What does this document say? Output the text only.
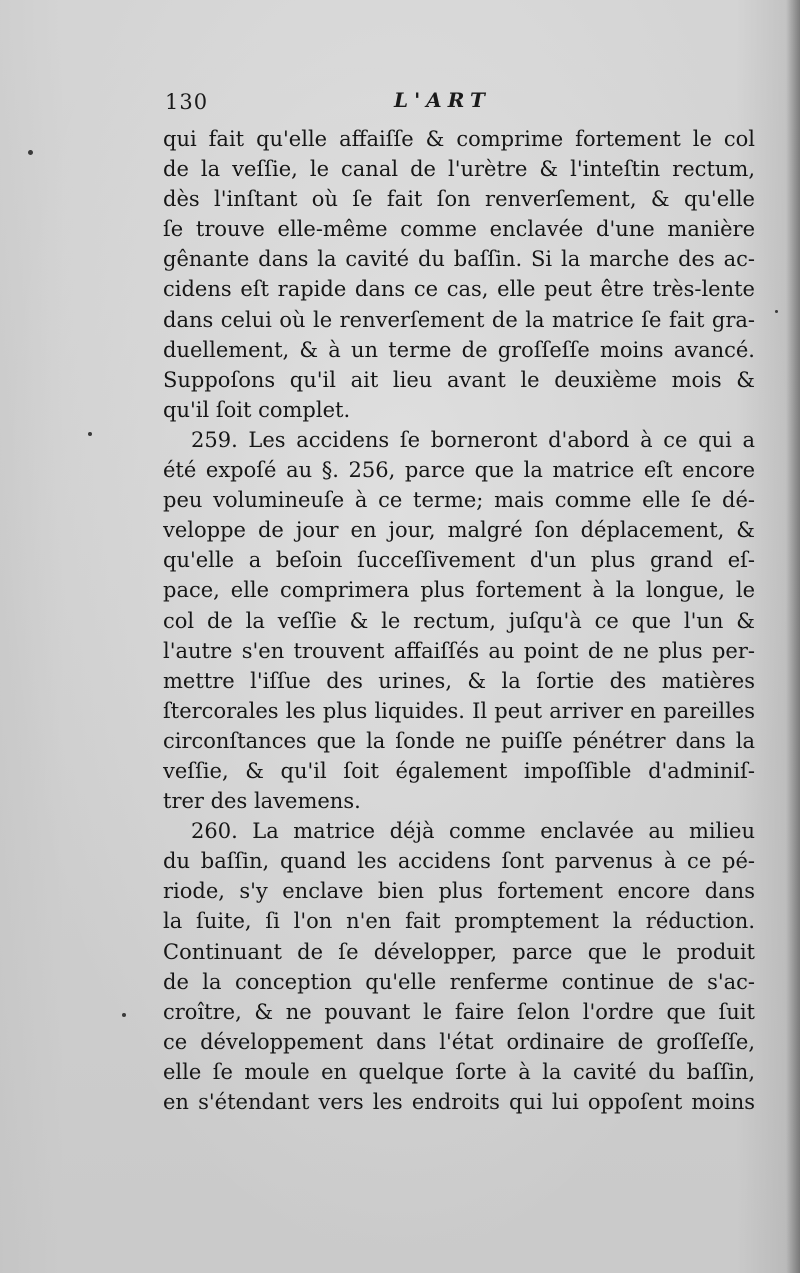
130	L'ART
qui fait qu'elle affaiſſe & comprime fortement le col
de la veſſie, le canal de l'urètre & l'inteſtin rectum,
dès l'inſtant où ſe fait ſon renverſement, & qu'elle
ſe trouve elle-même comme enclavée d'une manière
gênante dans la cavité du baſſin. Si la marche des ac-
cidens eſt rapide dans ce cas, elle peut être très-lente
dans celui où le renverſement de la matrice ſe fait gra-
duellement, & à un terme de groſſeſſe moins avancé.
Suppoſons qu'il ait lieu avant le deuxième mois &
qu'il ſoit complet.
259. Les accidens ſe borneront d'abord à ce qui a
été expoſé au §. 256, parce que la matrice eſt encore
peu volumineuſe à ce terme; mais comme elle ſe dé-
veloppe de jour en jour, malgré ſon déplacement, &
qu'elle a beſoin ſucceſſivement d'un plus grand eſ-
pace, elle comprimera plus fortement à la longue, le
col de la veſſie & le rectum, juſqu'à ce que l'un &
l'autre s'en trouvent affaiſſés au point de ne plus per-
mettre l'iſſue des urines, & la ſortie des matières
ſtercorales les plus liquides. Il peut arriver en pareilles
circonſtances que la ſonde ne puiſſe pénétrer dans la
veſſie, & qu'il ſoit également impoſſible d'adminiſ-
trer des lavemens.
260. La matrice déjà comme enclavée au milieu
du baſſin, quand les accidens ſont parvenus à ce pé-
riode, s'y enclave bien plus fortement encore dans
la ſuite, ſi l'on n'en fait promptement la réduction.
Continuant de ſe développer, parce que le produit
de la conception qu'elle renferme continue de s'ac-
croître, & ne pouvant le faire ſelon l'ordre que ſuit
ce développement dans l'état ordinaire de groſſeſſe,
elle ſe moule en quelque ſorte à la cavité du baſſin,
en s'étendant vers les endroits qui lui oppoſent moins
